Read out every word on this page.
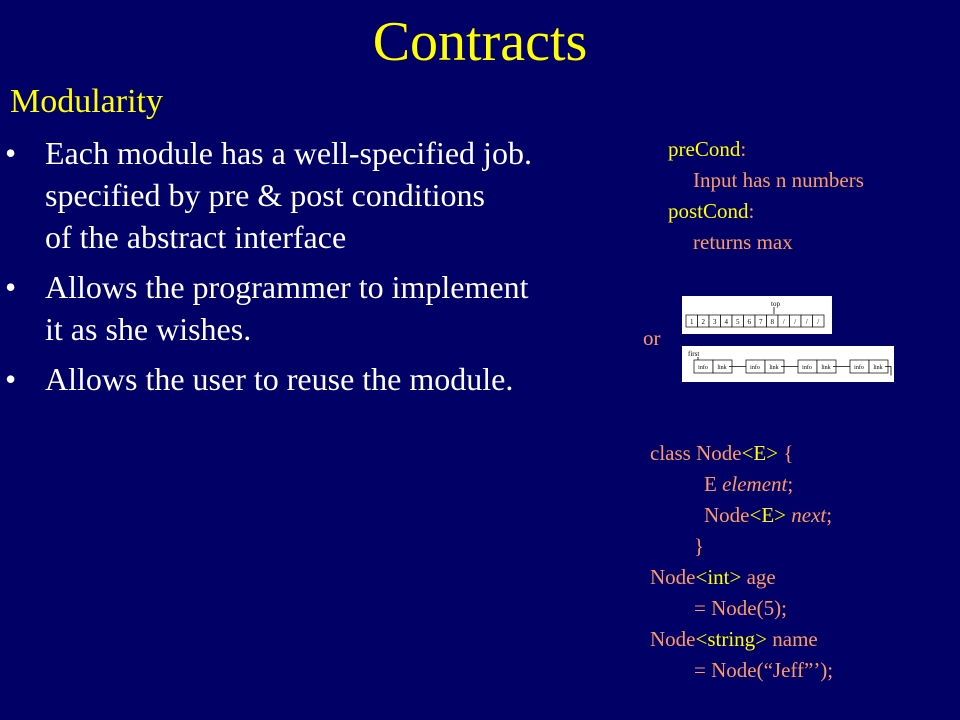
Contracts
Modularity
• Each module has a well-specified job.
specified by pre & post conditions
of the abstract interface
• Allows the programmer to implement
it as she wishes.
• Allows the user to reuse the module.
preCond:
Input has n numbers
postCond:
returns max
or
top
1 2 3 4 5 6 7 8 / / / /
first
info link	info link	info link	info link
class Node<E> {
E element;
Node<E> next;
}
Node<int> age
= Node(5);
Node<string> name
= Node(“Jeff”’);
